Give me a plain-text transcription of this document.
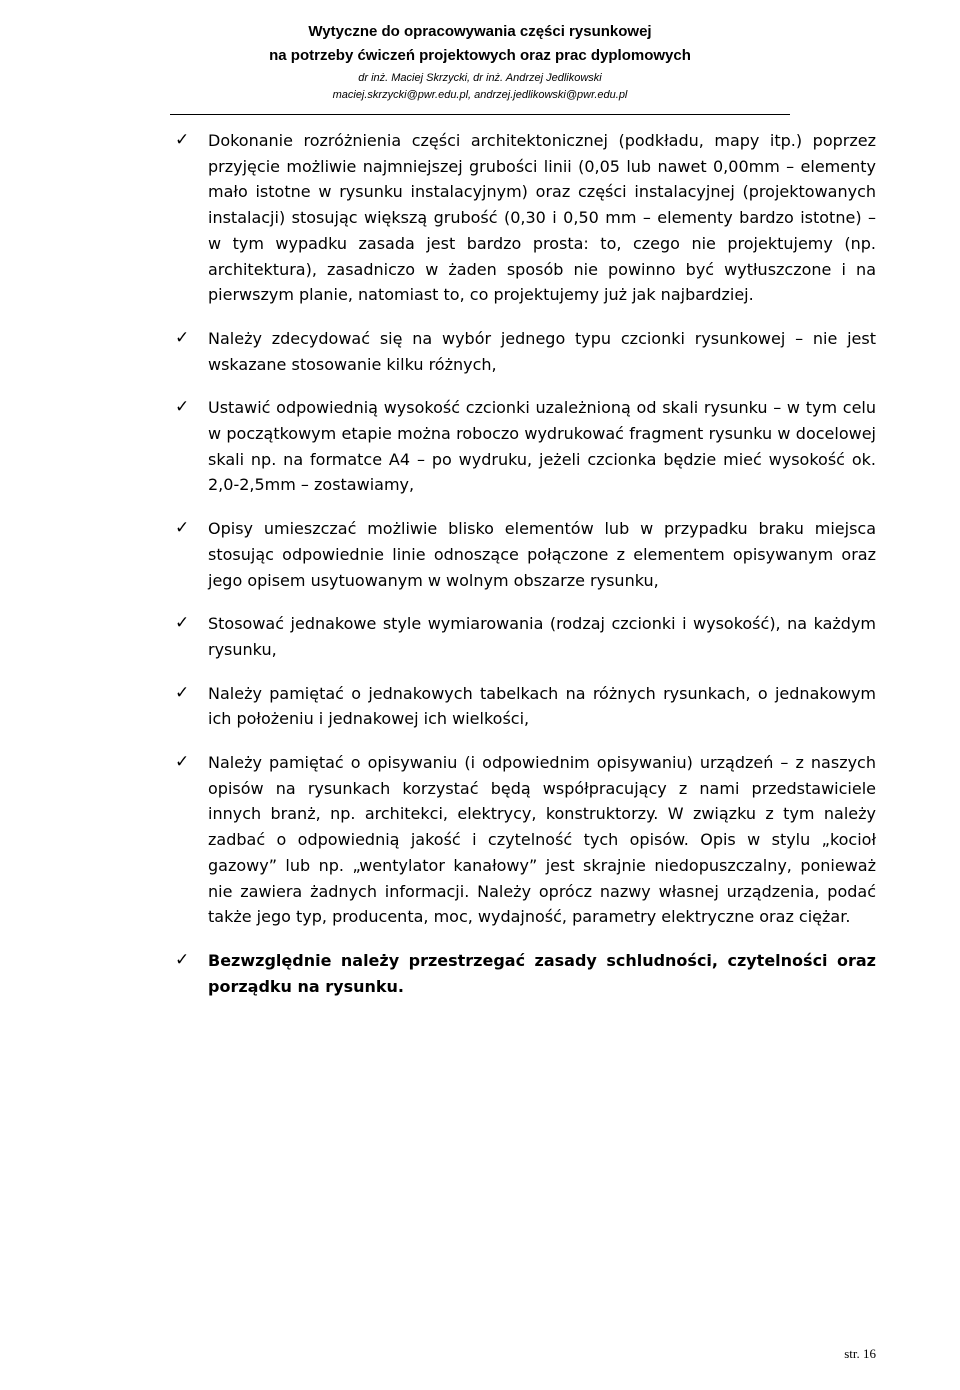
Wytyczne do opracowywania części rysunkowej

na potrzeby ćwiczeń projektowych oraz prac dyplomowych

dr inż. Maciej Skrzycki, dr inż. Andrzej Jedlikowski

maciej.skrzycki@pwr.edu.pl, andrzej.jedlikowski@pwr.edu.pl

✓ Dokonanie rozróżnienia części architektonicznej (podkładu, mapy itp.) poprzez przyjęcie możliwie najmniejszej grubości linii (0,05 lub nawet 0,00mm – elementy mało istotne w rysunku instalacyjnym) oraz części instalacyjnej (projektowanych instalacji) stosując większą grubość (0,30 i 0,50 mm – elementy bardzo istotne) – w tym wypadku zasada jest bardzo prosta: to, czego nie projektujemy (np. architektura), zasadniczo w żaden sposób nie powinno być wytłuszczone i na pierwszym planie, natomiast to, co projektujemy już jak najbardziej.

✓ Należy zdecydować się na wybór jednego typu czcionki rysunkowej – nie jest wskazane stosowanie kilku różnych,

✓ Ustawić odpowiednią wysokość czcionki uzależnioną od skali rysunku – w tym celu w początkowym etapie można roboczo wydrukować fragment rysunku w docelowej skali np. na formatce A4 – po wydruku, jeżeli czcionka będzie mieć wysokość ok. 2,0-2,5mm – zostawiamy,

✓ Opisy umieszczać możliwie blisko elementów lub w przypadku braku miejsca stosując odpowiednie linie odnoszące połączone z elementem opisywanym oraz jego opisem usytuowanym w wolnym obszarze rysunku,

✓ Stosować jednakowe style wymiarowania (rodzaj czcionki i wysokość), na każdym rysunku,

✓ Należy pamiętać o jednakowych tabelkach na różnych rysunkach, o jednakowym ich położeniu i jednakowej ich wielkości,

✓ Należy pamiętać o opisywaniu (i odpowiednim opisywaniu) urządzeń – z naszych opisów na rysunkach korzystać będą współpracujący z nami przedstawiciele innych branż, np. architekci, elektrycy, konstruktorzy. W związku z tym należy zadbać o odpowiednią jakość i czytelność tych opisów. Opis w stylu „kocioł gazowy” lub np. „wentylator kanałowy” jest skrajnie niedopuszczalny, ponieważ nie zawiera żadnych informacji. Należy oprócz nazwy własnej urządzenia, podać także jego typ, producenta, moc, wydajność, parametry elektryczne oraz ciężar.

✓ Bezwzględnie należy przestrzegać zasady schludności, czytelności oraz porządku na rysunku.

str. 16
